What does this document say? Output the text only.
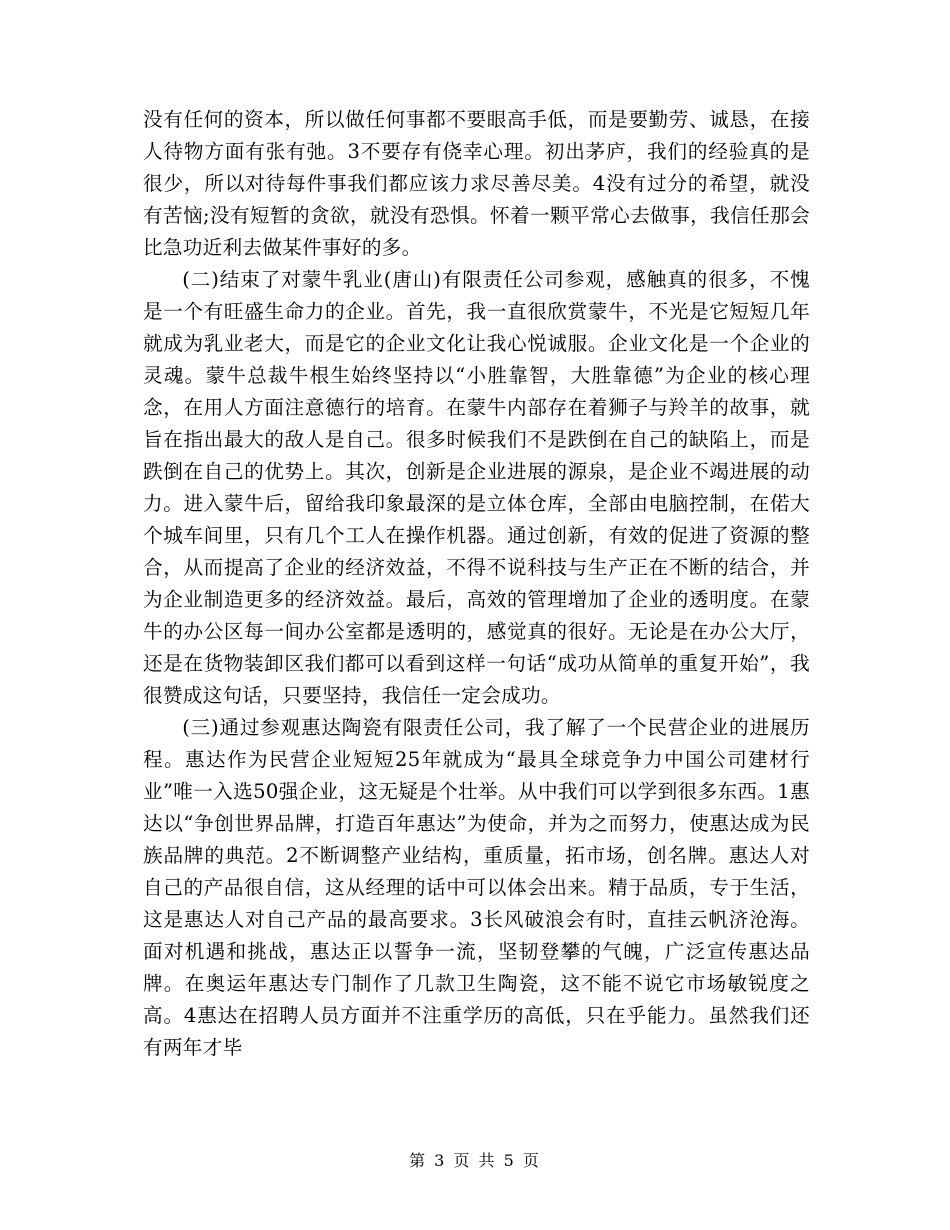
没有任何的资本，所以做任何事都不要眼高手低，而是要勤劳、诚恳，在接人待物方面有张有弛。3不要存有侥幸心理。初出茅庐，我们的经验真的是很少，所以对待每件事我们都应该力求尽善尽美。4没有过分的希望，就没有苦恼;没有短暂的贪欲，就没有恐惧。怀着一颗平常心去做事，我信任那会比急功近利去做某件事好的多。

(二)结束了对蒙牛乳业(唐山)有限责任公司参观，感触真的很多，不愧是一个有旺盛生命力的企业。首先，我一直很欣赏蒙牛，不光是它短短几年就成为乳业老大，而是它的企业文化让我心悦诚服。企业文化是一个企业的灵魂。蒙牛总裁牛根生始终坚持以“小胜靠智，大胜靠德”为企业的核心理念，在用人方面注意德行的培育。在蒙牛内部存在着狮子与羚羊的故事，就旨在指出最大的敌人是自己。很多时候我们不是跌倒在自己的缺陷上，而是跌倒在自己的优势上。其次，创新是企业进展的源泉，是企业不竭进展的动力。进入蒙牛后，留给我印象最深的是立体仓库，全部由电脑控制，在偌大个城车间里，只有几个工人在操作机器。通过创新，有效的促进了资源的整合，从而提高了企业的经济效益，不得不说科技与生产正在不断的结合，并为企业制造更多的经济效益。最后，高效的管理增加了企业的透明度。在蒙牛的办公区每一间办公室都是透明的，感觉真的很好。无论是在办公大厅，还是在货物装卸区我们都可以看到这样一句话“成功从简单的重复开始”，我很赞成这句话，只要坚持，我信任一定会成功。

(三)通过参观惠达陶瓷有限责任公司，我了解了一个民营企业的进展历程。惠达作为民营企业短短25年就成为“最具全球竞争力中国公司建材行业”唯一入选50强企业，这无疑是个壮举。从中我们可以学到很多东西。1惠达以“争创世界品牌，打造百年惠达”为使命，并为之而努力，使惠达成为民族品牌的典范。2不断调整产业结构，重质量，拓市场，创名牌。惠达人对自己的产品很自信，这从经理的话中可以体会出来。精于品质，专于生活，这是惠达人对自己产品的最高要求。3长风破浪会有时，直挂云帆济沧海。面对机遇和挑战，惠达正以誓争一流，坚韧登攀的气魄，广泛宣传惠达品牌。在奥运年惠达专门制作了几款卫生陶瓷，这不能不说它市场敏锐度之高。4惠达在招聘人员方面并不注重学历的高低，只在乎能力。虽然我们还有两年才毕

第 3 页 共 5 页
